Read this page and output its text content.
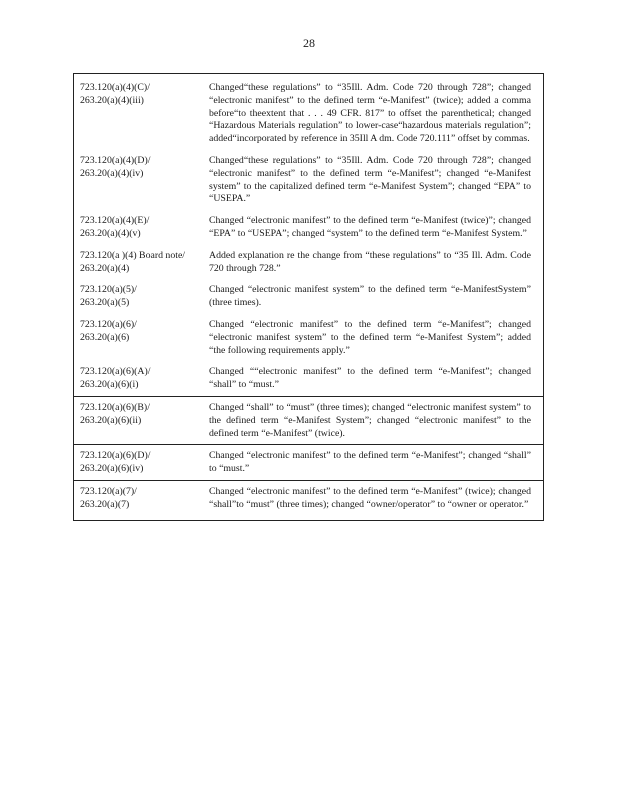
28
723.120(a)(4)(C)/
263.20(a)(4)(iii)
Changed“these regulations” to “35Ill. Adm. Code 720 through 728”; changed “electronic manifest” to the defined term “e-Manifest” (twice); added a comma before“to theextent that . . . 49 CFR. 817” to offset the parenthetical; changed “Hazardous Materials regulation” to lower-case“hazardous materials regulation”; added“incorporated by reference in 35Ill A dm. Code 720.111” offset by commas.
723.120(a)(4)(D)/
263.20(a)(4)(iv)
Changed“these regulations” to “35Ill. Adm. Code 720 through 728”; changed “electronic manifest” to the defined term “e-Manifest”; changed “e-Manifest system” to the capitalized defined term “e-Manifest System”; changed “EPA” to “USEPA.”
723.120(a)(4)(E)/
263.20(a)(4)(v)
Changed “electronic manifest” to the defined term “e-Manifest (twice)”; changed “EPA” to “USEPA”; changed “system” to the defined term “e-Manifest System.”
723.120(a )(4) Board note/
263.20(a)(4)
Added explanation re the change from “these regulations” to “35 Ill. Adm. Code 720 through 728.”
723.120(a)(5)/
263.20(a)(5)
Changed “electronic manifest system” to the defined term “e-ManifestSystem” (three times).
723.120(a)(6)/
263.20(a)(6)
Changed “electronic manifest” to the defined term “e-Manifest”; changed “electronic manifest system” to the defined term “e-Manifest System”; added “the following requirements apply.”
723.120(a)(6)(A)/
263.20(a)(6)(i)
Changed ““electronic manifest” to the defined term “e-Manifest”; changed “shall” to “must.”
723.120(a)(6)(B)/
263.20(a)(6)(ii)
Changed “shall” to “must” (three times); changed “electronic manifest system” to the defined term “e-Manifest System”; changed “electronic manifest” to the defined term “e-Manifest” (twice).
723.120(a)(6)(D)/
263.20(a)(6)(iv)
Changed “electronic manifest” to the defined term “e-Manifest”; changed “shall” to “must.”
723.120(a)(7)/
263.20(a)(7)
Changed “electronic manifest” to the defined term “e-Manifest” (twice); changed “shall”to “must” (three times); changed “owner/operator” to “owner or operator.”
